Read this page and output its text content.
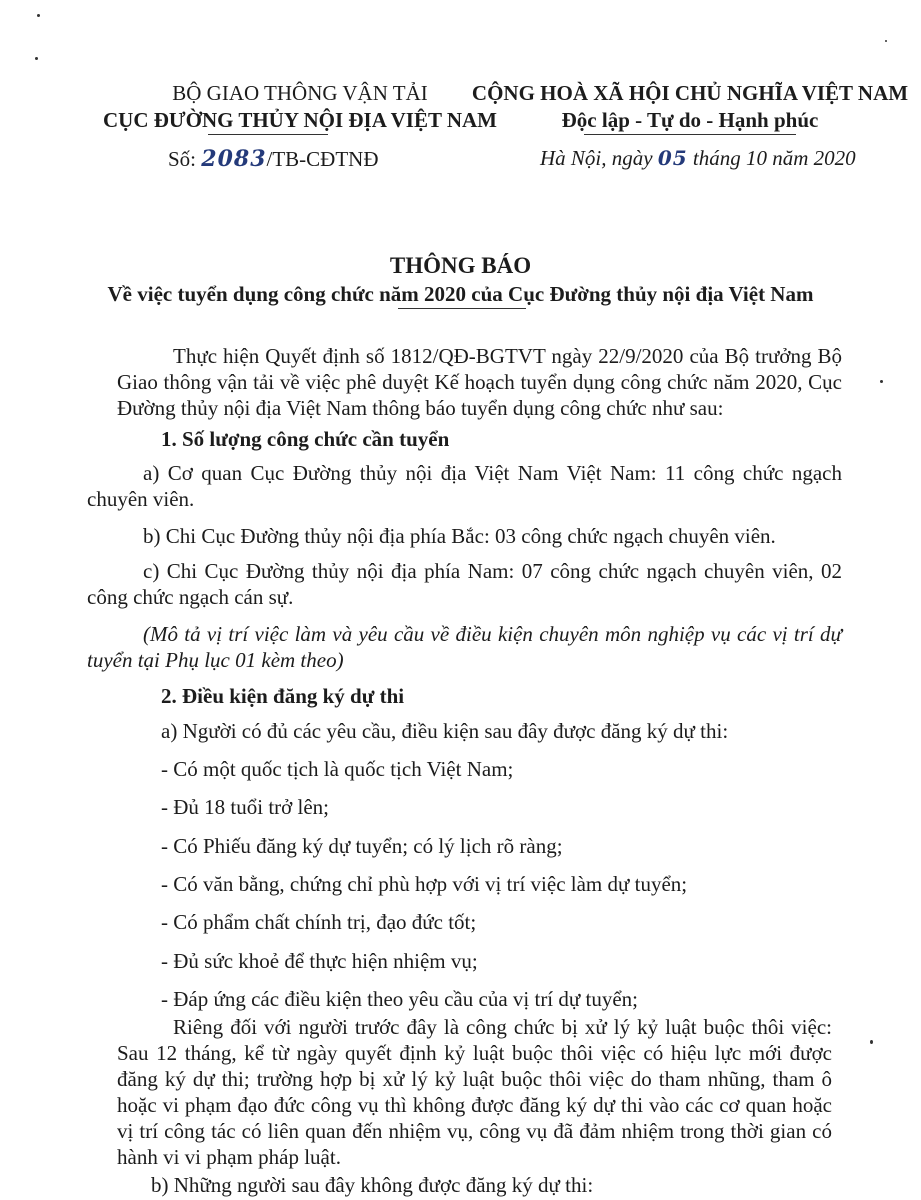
BỘ GIAO THÔNG VẬN TẢI
CỤC ĐƯỜNG THỦY NỘI ĐỊA VIỆT NAM
CỘNG HOÀ XÃ HỘI CHỦ NGHĨA VIỆT NAM
Độc lập - Tự do - Hạnh phúc
Số: 2083/TB-CĐTNĐ	Hà Nội, ngày 05 tháng 10 năm 2020
THÔNG BÁO
Về việc tuyển dụng công chức năm 2020 của Cục Đường thủy nội địa Việt Nam
Thực hiện Quyết định số 1812/QĐ-BGTVT ngày 22/9/2020 của Bộ trưởng Bộ Giao thông vận tải về việc phê duyệt Kế hoạch tuyển dụng công chức năm 2020, Cục Đường thủy nội địa Việt Nam thông báo tuyển dụng công chức như sau:
1. Số lượng công chức cần tuyển
a) Cơ quan Cục Đường thủy nội địa Việt Nam Việt Nam: 11 công chức ngạch chuyên viên.
b) Chi Cục Đường thủy nội địa phía Bắc: 03 công chức ngạch chuyên viên.
c) Chi Cục Đường thủy nội địa phía Nam: 07 công chức ngạch chuyên viên, 02 công chức ngạch cán sự.
(Mô tả vị trí việc làm và yêu cầu về điều kiện chuyên môn nghiệp vụ các vị trí dự tuyển tại Phụ lục 01 kèm theo)
2. Điều kiện đăng ký dự thi
a) Người có đủ các yêu cầu, điều kiện sau đây được đăng ký dự thi:
- Có một quốc tịch là quốc tịch Việt Nam;
- Đủ 18 tuổi trở lên;
- Có Phiếu đăng ký dự tuyển; có lý lịch rõ ràng;
- Có văn bằng, chứng chỉ phù hợp với vị trí việc làm dự tuyển;
- Có phẩm chất chính trị, đạo đức tốt;
- Đủ sức khoẻ để thực hiện nhiệm vụ;
- Đáp ứng các điều kiện theo yêu cầu của vị trí dự tuyển;
Riêng đối với người trước đây là công chức bị xử lý kỷ luật buộc thôi việc: Sau 12 tháng, kể từ ngày quyết định kỷ luật buộc thôi việc có hiệu lực mới được đăng ký dự thi; trường hợp bị xử lý kỷ luật buộc thôi việc do tham nhũng, tham ô hoặc vi phạm đạo đức công vụ thì không được đăng ký dự thi vào các cơ quan hoặc vị trí công tác có liên quan đến nhiệm vụ, công vụ đã đảm nhiệm trong thời gian có hành vi vi phạm pháp luật.
b) Những người sau đây không được đăng ký dự thi:
